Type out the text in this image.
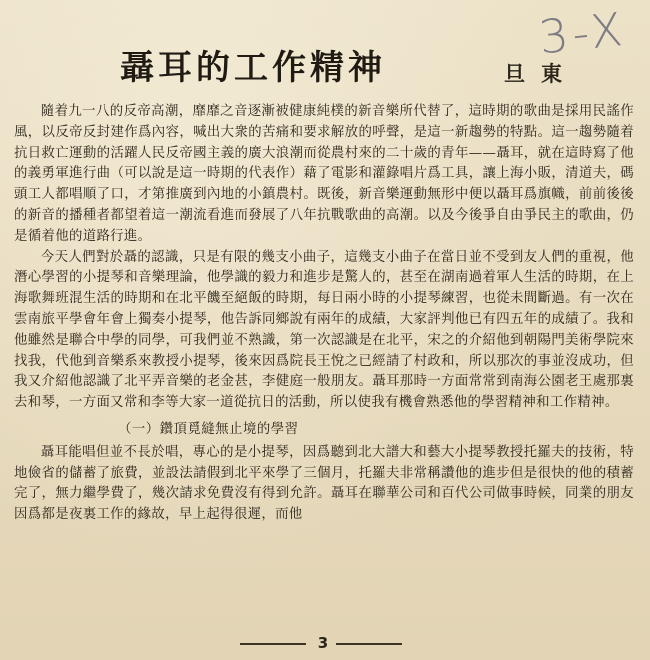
3-X
聶耳的工作精神	旦東

隨着九一八的反帝高潮，靡靡之音逐漸被健康純樸的新音樂所代替了，這時期的歌曲是採用民謠作風，以反帝反封建作爲內容，喊出大衆的苦痛和要求解放的呼聲，是這一新趨勢的特點。這一趨勢隨着抗日救亡運動的活躍人民反帝國主義的廣大浪潮而從農村來的二十歲的青年——聶耳，就在這時寫了他的義勇軍進行曲（可以說是這一時期的代表作）藉了電影和灌錄唱片爲工具，讓上海小販，清道夫，碼頭工人都唱順了口，才第推廣到內地的小鎮農村。既後，新音樂運動無形中便以聶耳爲旗幟，前前後後的新音的播種者都望着這一潮流看進而發展了八年抗戰歌曲的高潮。以及今後爭自由爭民主的歌曲，仍是循着他的道路行進。

今天人們對於聶的認識，只是有限的幾支小曲子，這幾支小曲子在當日並不受到友人們的重視，他潛心學習的小提琴和音樂理論，他學識的毅力和進步是驚人的，甚至在湖南過着軍人生活的時期，在上海歌舞班混生活的時期和在北平饑至絕飯的時期，每日兩小時的小提琴練習，也從未間斷過。有一次在雲南旅平學會年會上獨奏小提琴，他告訴同鄉說有兩年的成績，大家評判他已有四五年的成績了。我和他雖然是聯合中學的同學，可我們並不熟識，第一次認識是在北平，宋之的介紹他到朝陽門美術學院來找我，代他到音樂系來教授小提琴，後來因爲院長王悅之已經請了村政和，所以那次的事並沒成功，但我又介紹他認識了北平弄音樂的老金甚，李健庭一般朋友。聶耳那時一方面常常到南海公園老王處那裏去和琴，一方面又常和李等大家一道從抗日的活動，所以使我有機會熟悉他的學習精神和工作精神。

（一）鑽頂覓縫無止境的學習

聶耳能唱但並不長於唱，專心的是小提琴，因爲聽到北大譜大和藝大小提琴教授托羅夫的技術，特地儉省的儲蓄了旅費，並設法請假到北平來學了三個月，托羅夫非常稱讚他的進步但是很快的他的積蓄完了，無力繼學費了，幾次請求免費沒有得到允許。聶耳在聯華公司和百代公司做事時候，同業的朋友因爲都是夜裏工作的緣故，早上起得很遲，而他

3
